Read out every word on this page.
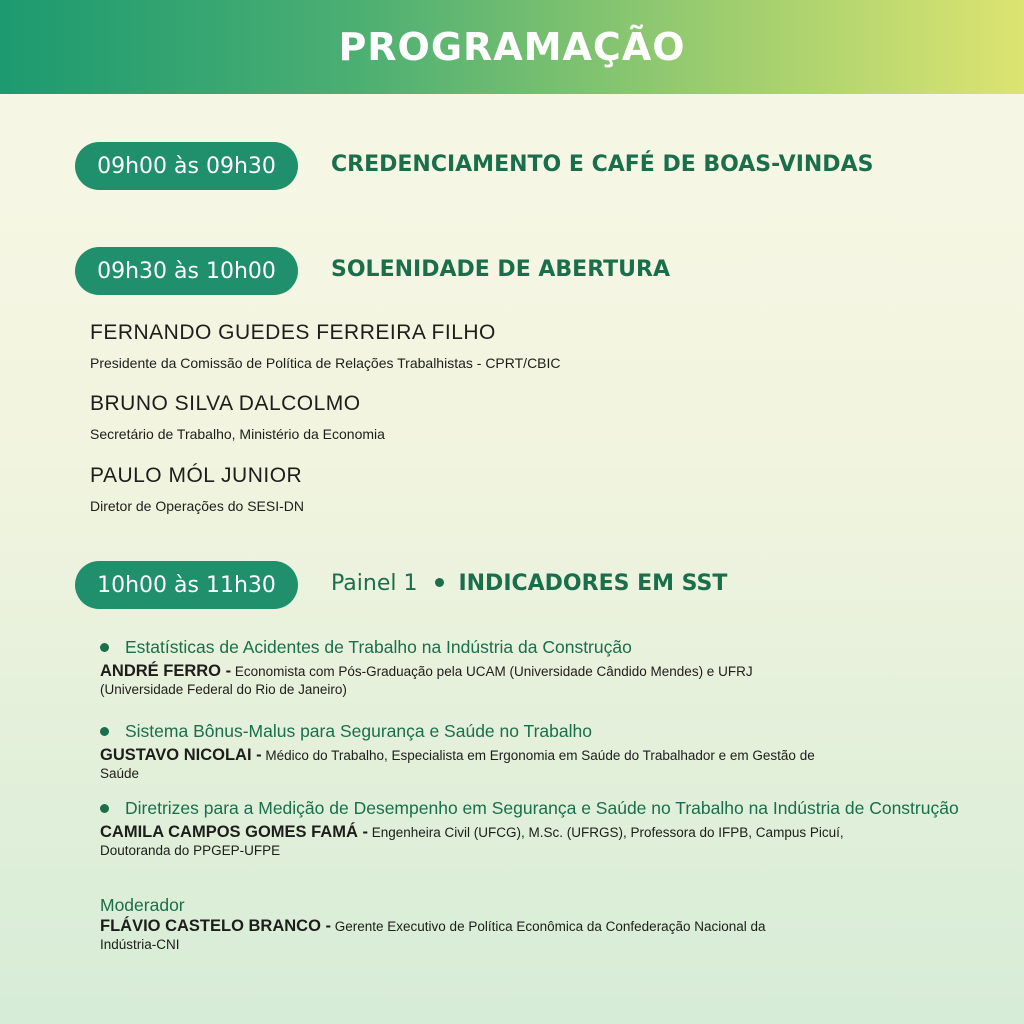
PROGRAMAÇÃO
09h00 às 09h30	CREDENCIAMENTO E CAFÉ DE BOAS-VINDAS
09h30 às 10h00	SOLENIDADE DE ABERTURA
FERNANDO GUEDES FERREIRA FILHO
Presidente da Comissão de Política de Relações Trabalhistas - CPRT/CBIC
BRUNO SILVA DALCOLMO
Secretário de Trabalho, Ministério da Economia
PAULO MÓL JUNIOR
Diretor de Operações do SESI-DN
10h00 às 11h30	Painel 1 INDICADORES EM SST
Estatísticas de Acidentes de Trabalho na Indústria da Construção
ANDRÉ FERRO - Economista com Pós-Graduação pela UCAM (Universidade Cândido Mendes) e UFRJ (Universidade Federal do Rio de Janeiro)
Sistema Bônus-Malus para Segurança e Saúde no Trabalho
GUSTAVO NICOLAI - Médico do Trabalho, Especialista em Ergonomia em Saúde do Trabalhador e em Gestão de Saúde
Diretrizes para a Medição de Desempenho em Segurança e Saúde no Trabalho na Indústria de Construção
CAMILA CAMPOS GOMES FAMÁ - Engenheira Civil (UFCG), M.Sc. (UFRGS), Professora do IFPB, Campus Picuí, Doutoranda do PPGEP-UFPE
Moderador
FLÁVIO CASTELO BRANCO - Gerente Executivo de Política Econômica da Confederação Nacional da Indústria-CNI
